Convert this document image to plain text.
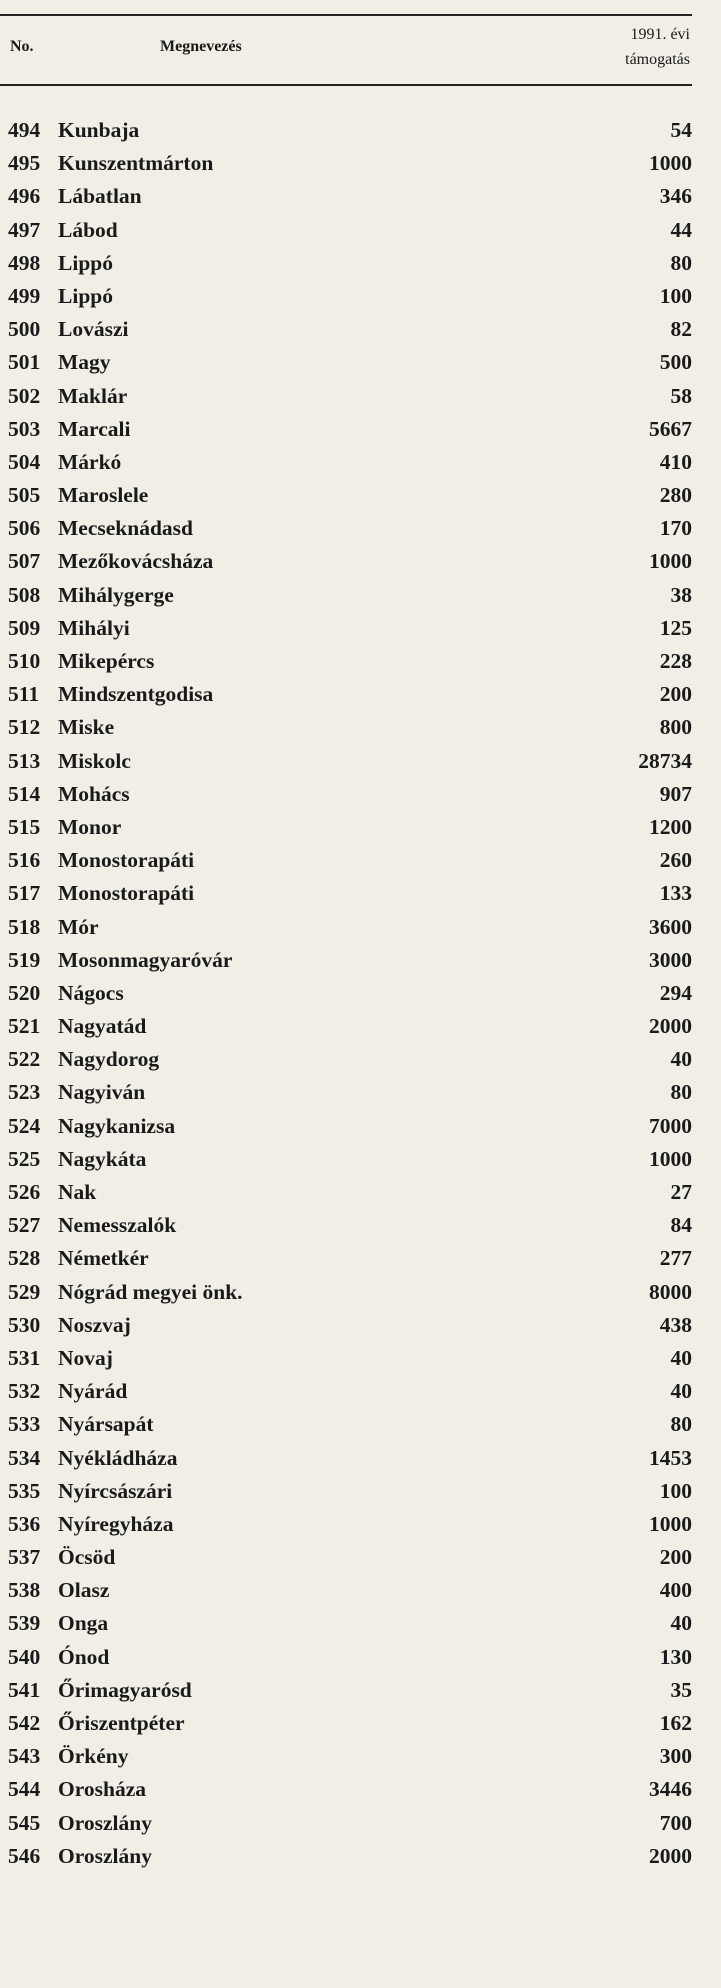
No.	Megnevezés
1991. évi
támogatás
494 Kunbaja	54
495 Kunszentmárton	1000
496 Lábatlan	346
497 Lábod	44
498 Lippó	80
499 Lippó	100
500 Lovászi	82
501 Magy	500
502 Maklár	58
503 Marcali	5667
504 Márkó	410
505 Maroslele	280
506 Mecseknádasd	170
507 Mezőkovácsháza	1000
508 Mihálygerge	38
509 Mihályi	125
510 Mikepércs	228
511 Mindszentgodisa	200
512 Miske	800
513 Miskolc	28734
514 Mohács	907
515 Monor	1200
516 Monostorapáti	260
517 Monostorapáti	133
518 Mór	3600
519 Mosonmagyaróvár	3000
520 Nágocs	294
521 Nagyatád	2000
522 Nagydorog	40
523 Nagyiván	80
524 Nagykanizsa	7000
525 Nagykáta	1000
526 Nak	27
527 Nemesszalók	84
528 Németkér	277
529 Nógrád megyei önk.	8000
530 Noszvaj	438
531 Novaj	40
532 Nyárád	40
533 Nyársapát	80
534 Nyékládháza	1453
535 Nyírcsászári	100
536 Nyíregyháza	1000
537 Öcsöd	200
538 Olasz	400
539 Onga	40
540 Ónod	130
541 Őrimagyarósd	35
542 Őriszentpéter	162
543 Örkény	300
544 Orosháza	3446
545 Oroszlány	700
546 Oroszlány	2000
